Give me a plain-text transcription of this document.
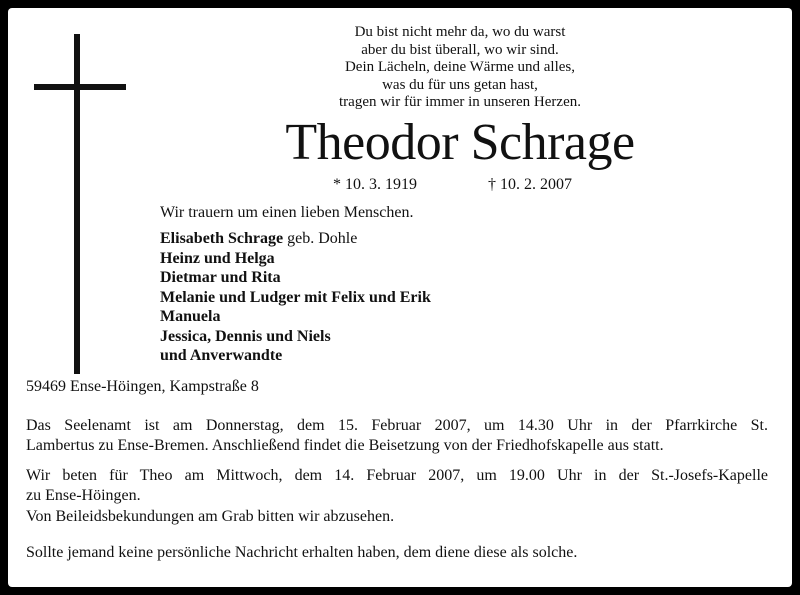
Du bist nicht mehr da, wo du warst
aber du bist überall, wo wir sind.
Dein Lächeln, deine Wärme und alles,
was du für uns getan hast,
tragen wir für immer in unseren Herzen.
Theodor Schrage
* 10. 3. 1919	† 10. 2. 2007
Wir trauern um einen lieben Menschen.
Elisabeth Schrage geb. Dohle
Heinz und Helga
Dietmar und Rita
Melanie und Ludger mit Felix und Erik
Manuela
Jessica, Dennis und Niels
und Anverwandte
59469 Ense-Höingen, Kampstraße 8
Das Seelenamt ist am Donnerstag, dem 15. Februar 2007, um 14.30 Uhr in der Pfarrkirche St.
Lambertus zu Ense-Bremen. Anschließend findet die Beisetzung von der Friedhofskapelle aus statt.
Wir beten für Theo am Mittwoch, dem 14. Februar 2007, um 19.00 Uhr in der St.-Josefs-Kapelle
zu Ense-Höingen.
Von Beileidsbekundungen am Grab bitten wir abzusehen.
Sollte jemand keine persönliche Nachricht erhalten haben, dem diene diese als solche.
